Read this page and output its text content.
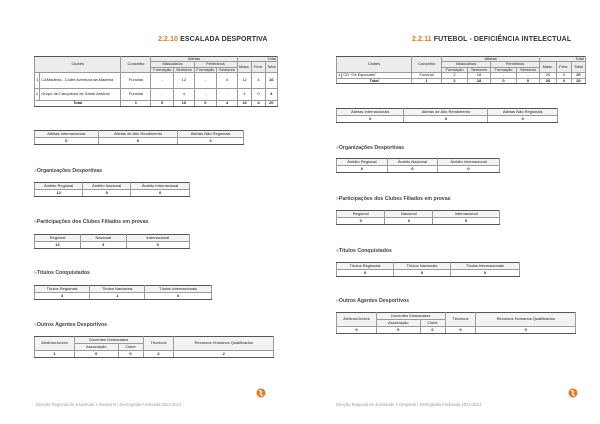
2.2.10 ESCALADA DESPORTIVA
Clubes		Concelho	Atletas				Total		
			Masculinos		Femininos		Masc.	Fem.	Total
			Formação	Seniores	Formação	Seniores			
1	CAMadeira - Clube Aventura da Madeira	Funchal	-	12	-	4	12	4	16
2	Grupo de Campismo de Santo António	Funchal	-	4	-	-	4	0	4
Total		1	0	16	0	4	16	4	20
Atletas Internacionais	Atletas de Alto Rendimento	Atletas Não Regionais
0	0	0
»Organizações Desportivas
Âmbito Regional	Âmbito Nacional	Âmbito Internacional
12	0	0
»Participações dos Clubes Filiados em provas
Regional	Nacional	Internacional
12	3	0
»Títulos Conquistados
Títulos Regionais	Títulos Nacionais	Títulos Internacionais
3	1	0
»Outros Agentes Desportivos
Árbitros/Juízes	Docentes Destacados		Técnicos	Recursos Humanos Qualificados
	Associação	Clube		
1	0	0	2	2
Direção Regional de Juventude e Desporto | Demografia Federada 2013-2014
2.2.11 FUTEBOL - DEFICIÊNCIA INTELECTUAL
Clubes		Concelho	Atletas				Total		
			Masculinos		Femininos		Masc.	Fem.	Total
			Formação	Seniores	Formação	Seniores			
1	CD "Os Especiais"	Funchal	2	18	-	-	20	0	20
Total		1	2	18	0	0	20	0	20
Atletas Internacionais	Atletas de Alto Rendimento	Atletas Não Regionais
0	0	0
»Organizações Desportivas
Âmbito Regional	Âmbito Nacional	Âmbito Internacional
0	0	0
»Participações dos Clubes Filiados em provas
Regional	Nacional	Internacional
0	0	0
»Títulos Conquistados
Títulos Regionais	Títulos Nacionais	Títulos Internacionais
0	0	0
»Outros Agentes Desportivos
Árbitros/Juízes	Docentes Destacados		Técnicos	Recursos Humanos Qualificados
	Associação	Clube		
0	0	0	0	0
Direção Regional de Juventude e Desporto | Demografia Federada 2013-2014
